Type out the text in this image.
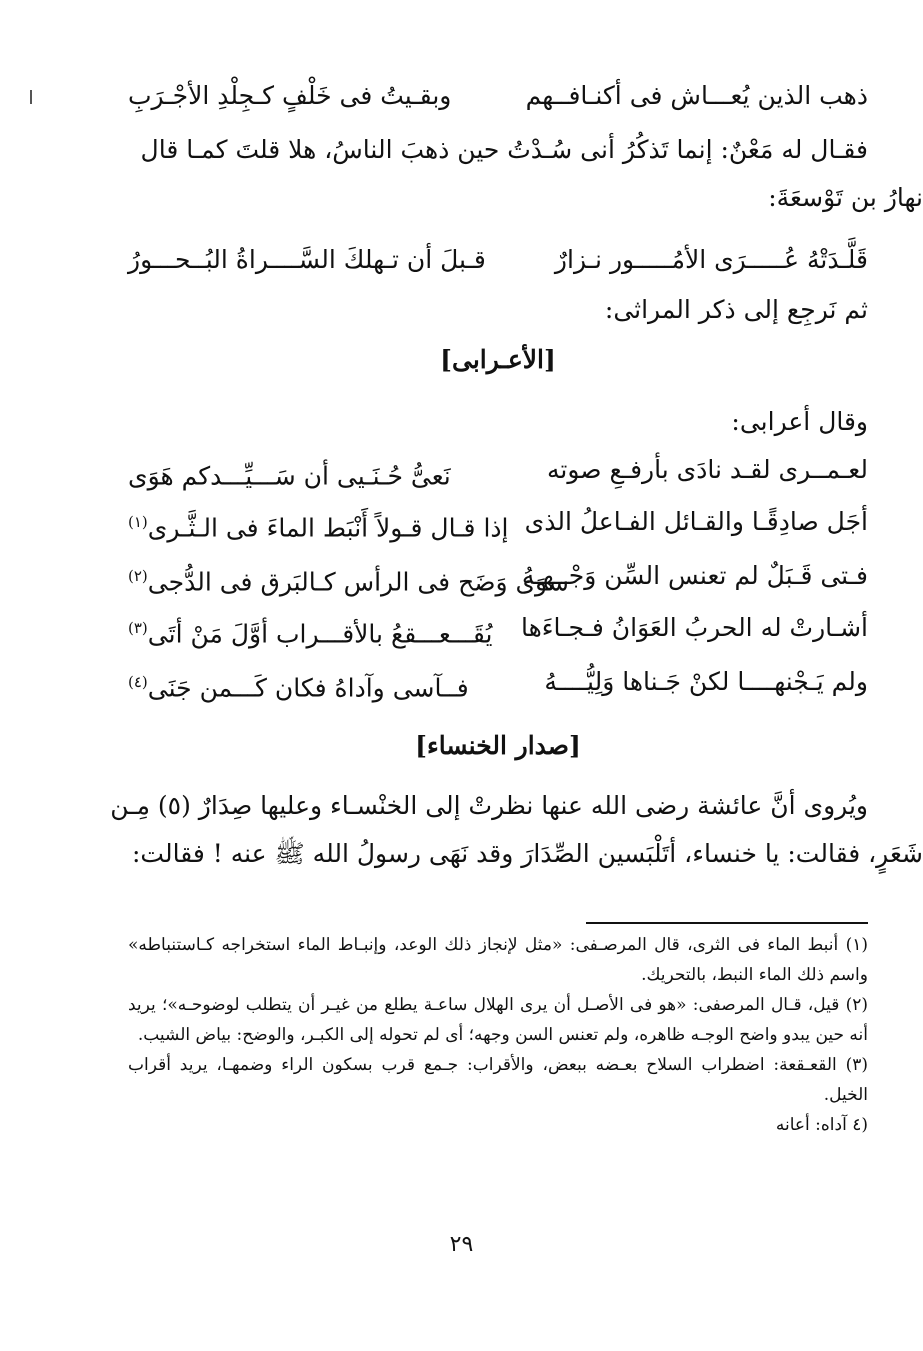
ذهب الذين يُعـــاش فى أكنـافــهم
وبقـيتُ فى خَلْفٍ كـجِلْدِ الأجْـرَبِ
فقـال له مَعْنٌ: إنما تَذكُرُ أنى سُـدْتُ حين ذهبَ الناسُ، هلا قلتَ كمـا قال
نهارُ بن تَوْسعَةَ:
قَلَّـدَتْهُ عُـــــرَى الأمُـــــور نـزارٌ
قـبلَ أن تـهلكَ السَّــــراةُ البُــحـــورُ
ثم نَرجِع إلى ذكر المراثى:
[الأعـرابى]
وقال أعرابى:
لعـمــرى لقـد نادَى بأرفـعِ صوته
نَعىُّ حُـنَـيى أن سَـــيِّـــدكم هَوَى
أجَل صادِقًـا والقـائل الفـاعلُ الذى
إذا قـال قـولاً أَنْبَط الماءَ فى الـثَّـرى$^{(١)}$
فـتى قَـبَلٌ لم تعنس السِّن وَجْــهـهُ
سوَى وَضَح فى الرأس كـالبَرق فى الدُّجى$^{(٢)}$
أشـارتْ له الحربُ العَوَانُ فـجـاءَها
يُقَـــعـــقعُ بالأقـــراب أوَّلَ مَنْ أتَى$^{(٣)}$
ولم يَـجْنهــــا لكنْ جَـناها وَلِيُّــــهُ
فــآسى وآداهُ فكان كَـــمن جَنَى$^{(٤)}$
[صدار الخنساء]
ويُروى أنَّ عائشة رضى الله عنها نظرتْ إلى الخنْسـاء وعليها صِدَارٌ (٥) مِـن
شَعَرٍ، فقالت: يا خنساء، أتَلْبَسين الصِّدَارَ وقد نَهَى رسولُ الله ﷺ عنه ! فقالت:

(١) أنبط الماء فى الثرى، قال المرصـفى: «مثل لإنجاز ذلك الوعد، وإنبـاط الماء استخراجه كـاستنباطه» واسم ذلك الماء النبط، بالتحريك.

(٢) قيل، قـال المرصفى: «هو فى الأصـل أن يرى الهلال ساعـة يطلع من غيـر أن يتطلب لوضوحـه»؛ يريد أنه حين يبدو واضح الوجـه ظاهره، ولم تعنس السن وجهه؛ أى لم تحوله إلى الكبـر، والوضح: بياض الشيب.

(٣) القعـقعة: اضطراب السلاح بعـضه ببعض، والأقراب: جـمع قرب بسكون الراء وضمهـا، يريد أقراب الخيل.

(٤ آداه: أعانه

٢٩
